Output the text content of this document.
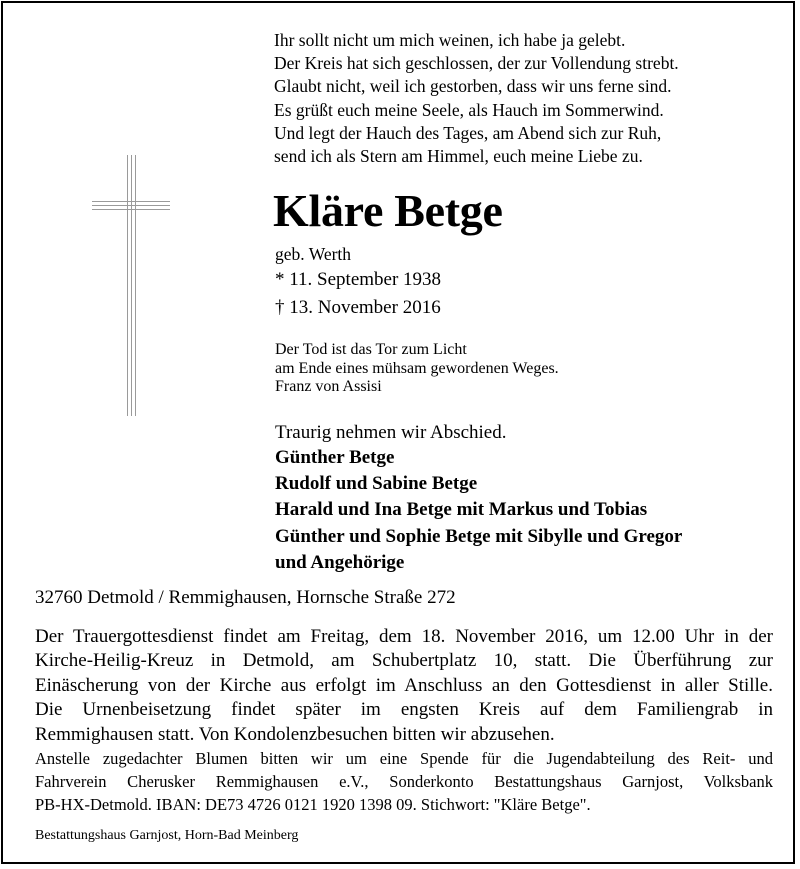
Ihr sollt nicht um mich weinen, ich habe ja gelebt.
Der Kreis hat sich geschlossen, der zur Vollendung strebt.
Glaubt nicht, weil ich gestorben, dass wir uns ferne sind.
Es grüßt euch meine Seele, als Hauch im Sommerwind.
Und legt der Hauch des Tages, am Abend sich zur Ruh,
send ich als Stern am Himmel, euch meine Liebe zu.
Kläre Betge
geb. Werth
* 11. September 1938
† 13. November 2016
Der Tod ist das Tor zum Licht
am Ende eines mühsam gewordenen Weges.
Franz von Assisi
Traurig nehmen wir Abschied.
Günther Betge
Rudolf und Sabine Betge
Harald und Ina Betge mit Markus und Tobias
Günther und Sophie Betge mit Sibylle und Gregor
und Angehörige
32760 Detmold / Remmighausen, Hornsche Straße 272
Der Trauergottesdienst findet am Freitag, dem 18. November 2016, um 12.00 Uhr in der
Kirche-Heilig-Kreuz in Detmold, am Schubertplatz 10, statt. Die Überführung zur
Einäscherung von der Kirche aus erfolgt im Anschluss an den Gottesdienst in aller Stille.
Die Urnenbeisetzung findet später im engsten Kreis auf dem Familiengrab in
Remmighausen statt. Von Kondolenzbesuchen bitten wir abzusehen.
Anstelle zugedachter Blumen bitten wir um eine Spende für die Jugendabteilung des Reit- und
Fahrverein Cherusker Remmighausen e.V., Sonderkonto Bestattungshaus Garnjost, Volksbank
PB-HX-Detmold. IBAN: DE73 4726 0121 1920 1398 09. Stichwort: "Kläre Betge".
Bestattungshaus Garnjost, Horn-Bad Meinberg
